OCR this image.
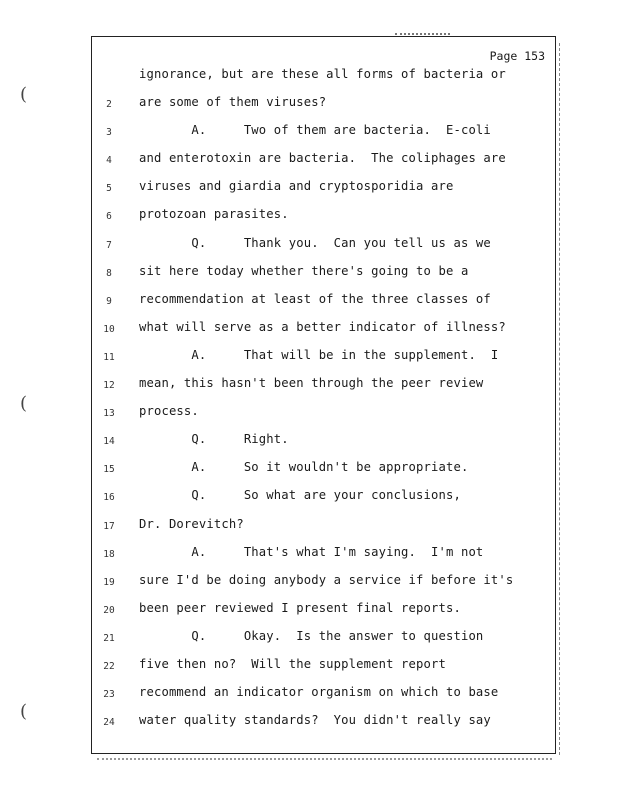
(
(
(
Page 153
ignorance, but are these all forms of bacteria or
2	are some of them viruses?
3	A.     Two of them are bacteria.  E-coli
4	and enterotoxin are bacteria.  The coliphages are
5	viruses and giardia and cryptosporidia are
6	protozoan parasites.
7	Q.     Thank you.  Can you tell us as we
8	sit here today whether there's going to be a
9	recommendation at least of the three classes of
10	what will serve as a better indicator of illness?
11	A.     That will be in the supplement.  I
12	mean, this hasn't been through the peer review
13	process.
14	Q.     Right.
15	A.     So it wouldn't be appropriate.
16	Q.     So what are your conclusions,
17	Dr. Dorevitch?
18	A.     That's what I'm saying.  I'm not
19	sure I'd be doing anybody a service if before it's
20	been peer reviewed I present final reports.
21	Q.     Okay.  Is the answer to question
22	five then no?  Will the supplement report
23	recommend an indicator organism on which to base
24	water quality standards?  You didn't really say
